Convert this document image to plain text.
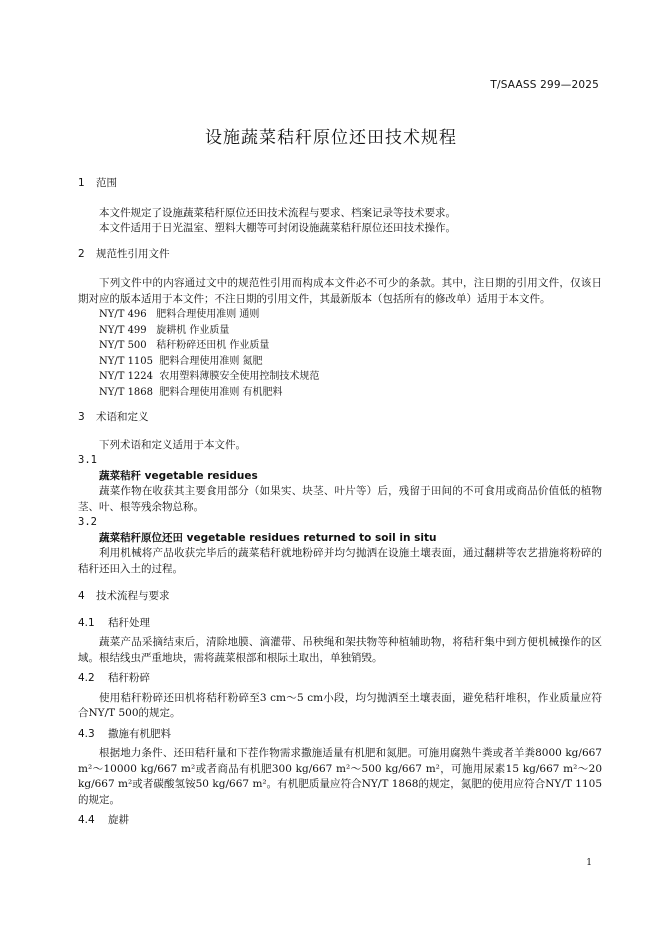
T/SAASS 299—2025
设施蔬菜秸秆原位还田技术规程

1 范围

本文件规定了设施蔬菜秸秆原位还田技术流程与要求、档案记录等技术要求。

本文件适用于日光温室、塑料大棚等可封闭设施蔬菜秸秆原位还田技术操作。

2 规范性引用文件

下列文件中的内容通过文中的规范性引用而构成本文件必不可少的条款。其中，注日期的引用文件，仅该日期对应的版本适用于本文件；不注日期的引用文件，其最新版本（包括所有的修改单）适用于本文件。

NY/T 496   肥料合理使用准则 通则

NY/T 499   旋耕机 作业质量

NY/T 500   秸秆粉碎还田机 作业质量

NY/T 1105  肥料合理使用准则 氮肥

NY/T 1224  农用塑料薄膜安全使用控制技术规范

NY/T 1868  肥料合理使用准则 有机肥料

3 术语和定义

下列术语和定义适用于本文件。

3.1

蔬菜秸秆 vegetable residues

蔬菜作物在收获其主要食用部分（如果实、块茎、叶片等）后，残留于田间的不可食用或商品价值低的植物茎、叶、根等残余物总称。

3.2

蔬菜秸秆原位还田 vegetable residues returned to soil in situ

利用机械将产品收获完毕后的蔬菜秸秆就地粉碎并均匀抛洒在设施土壤表面，通过翻耕等农艺措施将粉碎的秸秆还田入土的过程。

4 技术流程与要求

4.1 秸秆处理

蔬菜产品采摘结束后，清除地膜、滴灌带、吊秧绳和架扶物等种植辅助物，将秸秆集中到方便机械操作的区域。根结线虫严重地块，需将蔬菜根部和根际土取出，单独销毁。

4.2 秸秆粉碎

使用秸秆粉碎还田机将秸秆粉碎至3 cm～5 cm小段，均匀抛洒至土壤表面，避免秸秆堆积，作业质量应符合NY/T 500的规定。

4.3 撒施有机肥料

根据地力条件、还田秸秆量和下茬作物需求撒施适量有机肥和氮肥。可施用腐熟牛粪或者羊粪8000 kg/667 m²～10000 kg/667 m²或者商品有机肥300 kg/667 m²～500 kg/667 m²，可施用尿素15 kg/667 m²～20 kg/667 m²或者碳酸氢铵50 kg/667 m²。有机肥质量应符合NY/T 1868的规定，氮肥的使用应符合NY/T 1105的规定。

4.4 旋耕

1
